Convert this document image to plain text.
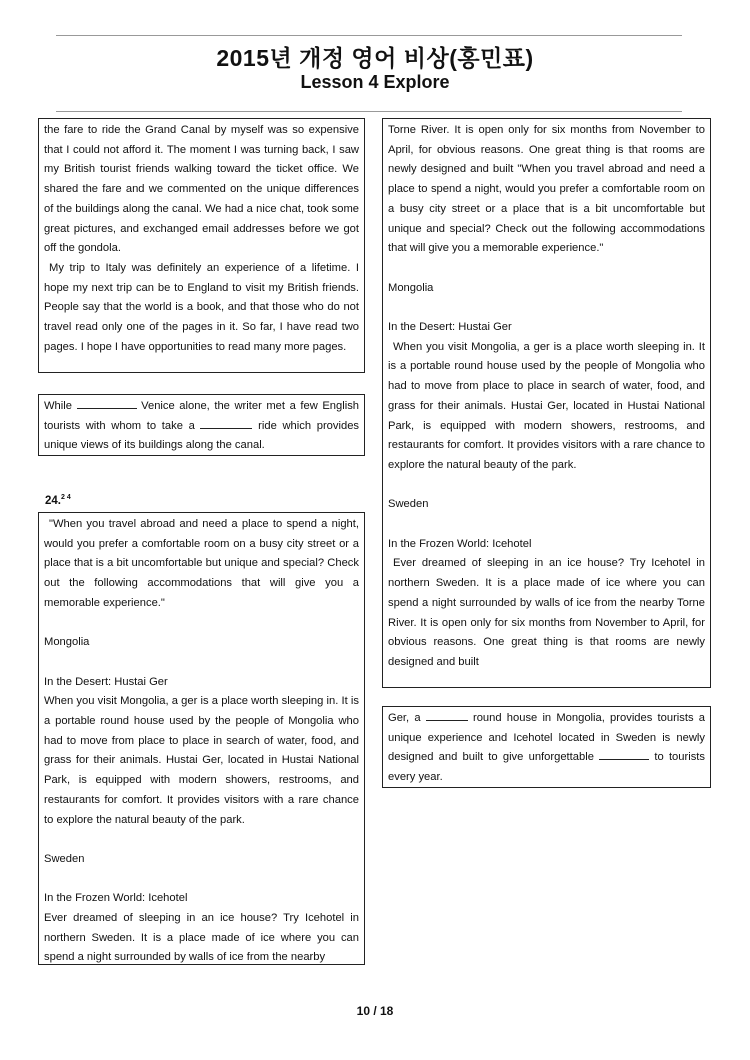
2015년 개정 영어 비상(홍민표)
Lesson 4 Explore

the fare to ride the Grand Canal by myself was so expensive that I could not afford it. The moment I was turning back, I saw my British tourist friends walking toward the ticket office. We shared the fare and we commented on the unique differences of the buildings along the canal. We had a nice chat, took some great pictures, and exchanged email addresses before we got off the gondola.

My trip to Italy was definitely an experience of a lifetime. I hope my next trip can be to England to visit my British friends. People say that the world is a book, and that those who do not travel read only one of the pages in it. So far, I have read two pages. I hope I have opportunities to read many more pages.

While	Venice alone, the writer met a few English tourists with whom to take a	ride which provides unique views of its buildings along the canal.

24.$^{2 4}$

"When you travel abroad and need a place to spend a night, would you prefer a comfortable room on a busy city street or a place that is a bit uncomfortable but unique and special? Check out the following accommodations that will give you a memorable experience."

Mongolia

In the Desert: Hustai Ger

When you visit Mongolia, a ger is a place worth sleeping in. It is a portable round house used by the people of Mongolia who had to move from place to place in search of water, food, and grass for their animals. Hustai Ger, located in Hustai National Park, is equipped with modern showers, restrooms, and restaurants for comfort. It provides visitors with a rare chance to explore the natural beauty of the park.

Sweden

In the Frozen World: Icehotel

Ever dreamed of sleeping in an ice house? Try Icehotel in northern Sweden. It is a place made of ice where you can spend a night surrounded by walls of ice from the nearby

Torne River. It is open only for six months from November to April, for obvious reasons. One great thing is that rooms are newly designed and built "When you travel abroad and need a place to spend a night, would you prefer a comfortable room on a busy city street or a place that is a bit uncomfortable but unique and special? Check out the following accommodations that will give you a memorable experience."

Mongolia

In the Desert: Hustai Ger

When you visit Mongolia, a ger is a place worth sleeping in. It is a portable round house used by the people of Mongolia who had to move from place to place in search of water, food, and grass for their animals. Hustai Ger, located in Hustai National Park, is equipped with modern showers, restrooms, and restaurants for comfort. It provides visitors with a rare chance to explore the natural beauty of the park.

Sweden

In the Frozen World: Icehotel

Ever dreamed of sleeping in an ice house? Try Icehotel in northern Sweden. It is a place made of ice where you can spend a night surrounded by walls of ice from the nearby Torne River. It is open only for six months from November to April, for obvious reasons. One great thing is that rooms are newly designed and built

Ger, a	round house in Mongolia, provides tourists a unique experience and Icehotel located in Sweden is newly designed and built to give unforgettable	to tourists every year.

10 / 18
